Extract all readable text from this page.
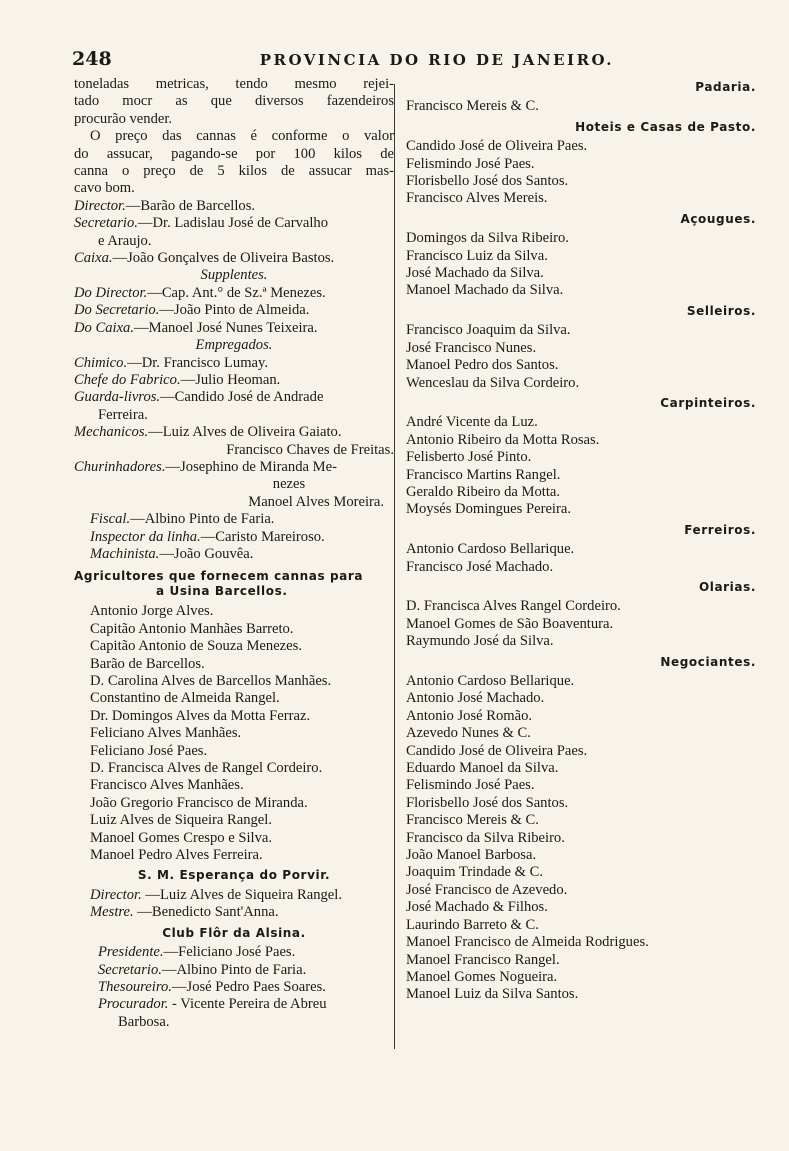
248	PROVINCIA DO RIO DE JANEIRO.
toneladas metricas, tendo mesmo rejei-
tado mocr as que diversos fazendeiros
procurão vender.
O preço das cannas é conforme o valor
do assucar, pagando-se por 100 kilos de
canna o preço de 5 kilos de assucar mas-
cavo bom.
Director.—Barão de Barcellos.
Secretario.—Dr. Ladislau José de Carvalho
e Araujo.
Caixa.—João Gonçalves de Oliveira Bastos.
Supplentes.
Do Director.—Cap. Ant.° de Sz.ª Menezes.
Do Secretario.—João Pinto de Almeida.
Do Caixa.—Manoel José Nunes Teixeira.
Empregados.
Chimico.—Dr. Francisco Lumay.
Chefe do Fabrico.—Julio Heoman.
Guarda-livros.—Candido José de Andrade
Ferreira.
Mechanicos.—Luiz Alves de Oliveira Gaiato.
Francisco Chaves de Freitas.
Churinhadores.—Josephino de Miranda Me-
nezes
Manoel Alves Moreira.
Fiscal.—Albino Pinto de Faria.
Inspector da linha.—Caristo Mareiroso.
Machinista.—João Gouvêa.
Agricultores que fornecem cannas para
a Usina Barcellos.
Antonio Jorge Alves.
Capitão Antonio Manhães Barreto.
Capitão Antonio de Souza Menezes.
Barão de Barcellos.
D. Carolina Alves de Barcellos Manhães.
Constantino de Almeida Rangel.
Dr. Domingos Alves da Motta Ferraz.
Feliciano Alves Manhães.
Feliciano José Paes.
D. Francisca Alves de Rangel Cordeiro.
Francisco Alves Manhães.
João Gregorio Francisco de Miranda.
Luiz Alves de Siqueira Rangel.
Manoel Gomes Crespo e Silva.
Manoel Pedro Alves Ferreira.
S. M. Esperança do Porvir.
Director. —Luiz Alves de Siqueira Rangel.
Mestre. —Benedicto Sant'Anna.
Club Flôr da Alsina.
Presidente.—Feliciano José Paes.
Secretario.—Albino Pinto de Faria.
Thesoureiro.—José Pedro Paes Soares.
Procurador. - Vicente Pereira de Abreu
Barbosa.
Padaria.
Francisco Mereis & C.
Hoteis e Casas de Pasto.
Candido José de Oliveira Paes.
Felismindo José Paes.
Florisbello José dos Santos.
Francisco Alves Mereis.
Açougues.
Domingos da Silva Ribeiro.
Francisco Luiz da Silva.
José Machado da Silva.
Manoel Machado da Silva.
Selleiros.
Francisco Joaquim da Silva.
José Francisco Nunes.
Manoel Pedro dos Santos.
Wenceslau da Silva Cordeiro.
Carpinteiros.
André Vicente da Luz.
Antonio Ribeiro da Motta Rosas.
Felisberto José Pinto.
Francisco Martins Rangel.
Geraldo Ribeiro da Motta.
Moysés Domingues Pereira.
Ferreiros.
Antonio Cardoso Bellarique.
Francisco José Machado.
Olarias.
D. Francisca Alves Rangel Cordeiro.
Manoel Gomes de São Boaventura.
Raymundo José da Silva.
Negociantes.
Antonio Cardoso Bellarique.
Antonio José Machado.
Antonio José Romão.
Azevedo Nunes & C.
Candido José de Oliveira Paes.
Eduardo Manoel da Silva.
Felismindo José Paes.
Florisbello José dos Santos.
Francisco Mereis & C.
Francisco da Silva Ribeiro.
João Manoel Barbosa.
Joaquim Trindade & C.
José Francisco de Azevedo.
José Machado & Filhos.
Laurindo Barreto & C.
Manoel Francisco de Almeida Rodrigues.
Manoel Francisco Rangel.
Manoel Gomes Nogueira.
Manoel Luiz da Silva Santos.
